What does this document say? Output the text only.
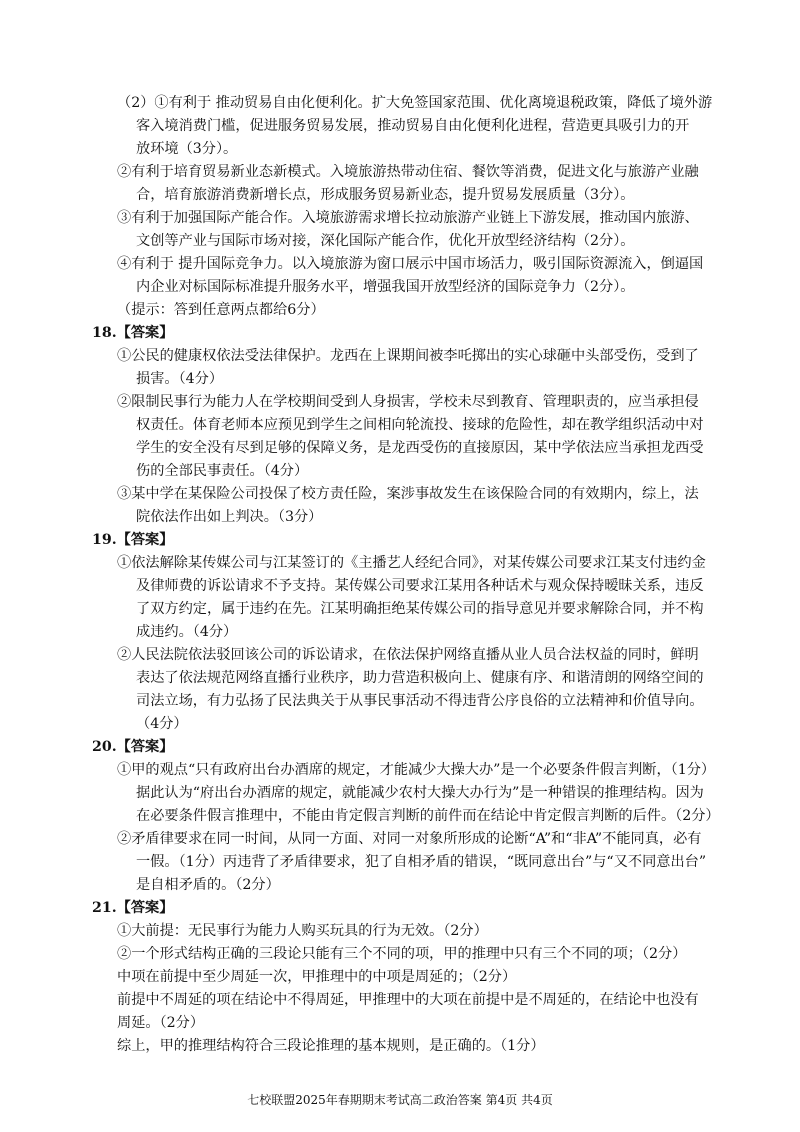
（2）①有利于 推动贸易自由化便利化。扩大免签国家范围、优化离境退税政策，降低了境外游
客入境消费门槛，促进服务贸易发展，推动贸易自由化便利化进程，营造更具吸引力的开
放环境（3分）。
②有利于培育贸易新业态新模式。入境旅游热带动住宿、餐饮等消费，促进文化与旅游产业融
合，培育旅游消费新增长点，形成服务贸易新业态，提升贸易发展质量（3分）。
③有利于加强国际产能合作。入境旅游需求增长拉动旅游产业链上下游发展，推动国内旅游、
文创等产业与国际市场对接，深化国际产能合作，优化开放型经济结构（2分）。
④有利于 提升国际竞争力。以入境旅游为窗口展示中国市场活力，吸引国际资源流入，倒逼国
内企业对标国际标准提升服务水平，增强我国开放型经济的国际竞争力（2分）。
（提示：答到任意两点都给6分）
18.【答案】
①公民的健康权依法受法律保护。龙西在上课期间被李吒掷出的实心球砸中头部受伤，受到了
损害。（4分）
②限制民事行为能力人在学校期间受到人身损害，学校未尽到教育、管理职责的，应当承担侵
权责任。体育老师本应预见到学生之间相向轮流投、接球的危险性，却在教学组织活动中对
学生的安全没有尽到足够的保障义务，是龙西受伤的直接原因，某中学依法应当承担龙西受
伤的全部民事责任。（4分）
③某中学在某保险公司投保了校方责任险，案涉事故发生在该保险合同的有效期内，综上，法
院依法作出如上判决。（3分）
19.【答案】
①依法解除某传媒公司与江某签订的《主播艺人经纪合同》，对某传媒公司要求江某支付违约金
及律师费的诉讼请求不予支持。某传媒公司要求江某用各种话术与观众保持暧昧关系，违反
了双方约定，属于违约在先。江某明确拒绝某传媒公司的指导意见并要求解除合同，并不构
成违约。（4分）
②人民法院依法驳回该公司的诉讼请求，在依法保护网络直播从业人员合法权益的同时，鲜明
表达了依法规范网络直播行业秩序，助力营造积极向上、健康有序、和谐清朗的网络空间的
司法立场，有力弘扬了民法典关于从事民事活动不得违背公序良俗的立法精神和价值导向。
（4分）
20.【答案】
①甲的观点“只有政府出台办酒席的规定，才能减少大操大办”是一个必要条件假言判断，（1分）
据此认为“府出台办酒席的规定，就能减少农村大操大办行为”是一种错误的推理结构。因为
在必要条件假言推理中，不能由肯定假言判断的前件而在结论中肯定假言判断的后件。（2分）
②矛盾律要求在同一时间，从同一方面、对同一对象所形成的论断“A”和“非A”不能同真，必有
一假。（1分）丙违背了矛盾律要求，犯了自相矛盾的错误，“既同意出台”与“又不同意出台”
是自相矛盾的。（2分）
21.【答案】
①大前提：无民事行为能力人购买玩具的行为无效。（2分）
②一个形式结构正确的三段论只能有三个不同的项，甲的推理中只有三个不同的项；（2分）
中项在前提中至少周延一次，甲推理中的中项是周延的；（2分）
前提中不周延的项在结论中不得周延，甲推理中的大项在前提中是不周延的，在结论中也没有
周延。（2分）
综上，甲的推理结构符合三段论推理的基本规则，是正确的。（1分）
七校联盟2025年春期期末考试高二政治答案 第4页 共4页
